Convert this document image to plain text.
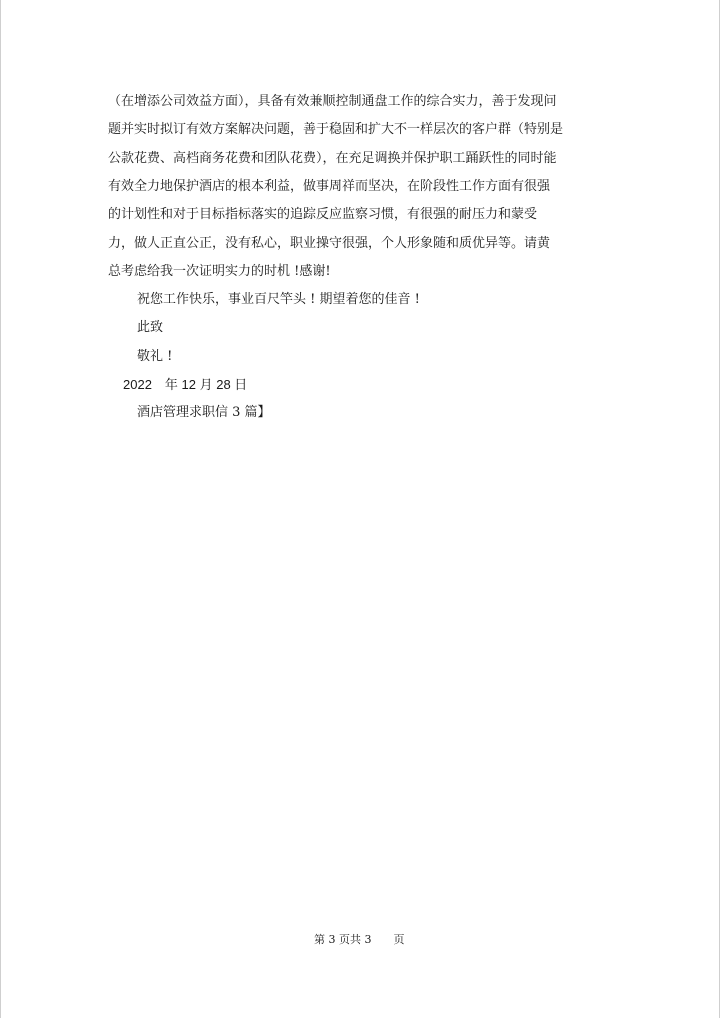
（在增添公司效益方面），具备有效兼顺控制通盘工作的综合实力，善于发现问
题并实时拟订有效方案解决问题，善于稳固和扩大不一样层次的客户群（特别是
公款花费、高档商务花费和团队花费），在充足调换并保护职工踊跃性的同时能
有效全力地保护酒店的根本利益，做事周祥而坚决，在阶段性工作方面有很强
的计划性和对于目标指标落实的追踪反应监察习惯，有很强的耐压力和蒙受
力，做人正直公正，没有私心，职业操守很强，个人形象随和质优异等。请黄
总考虑给我一次证明实力的时机 !感谢!
祝您工作快乐，事业百尺竿头 ! 期望着您的佳音 !
此致
敬礼 !
2022　年 12 月 28 日
酒店管理求职信 3 篇】
第 3 页共 3　　页
